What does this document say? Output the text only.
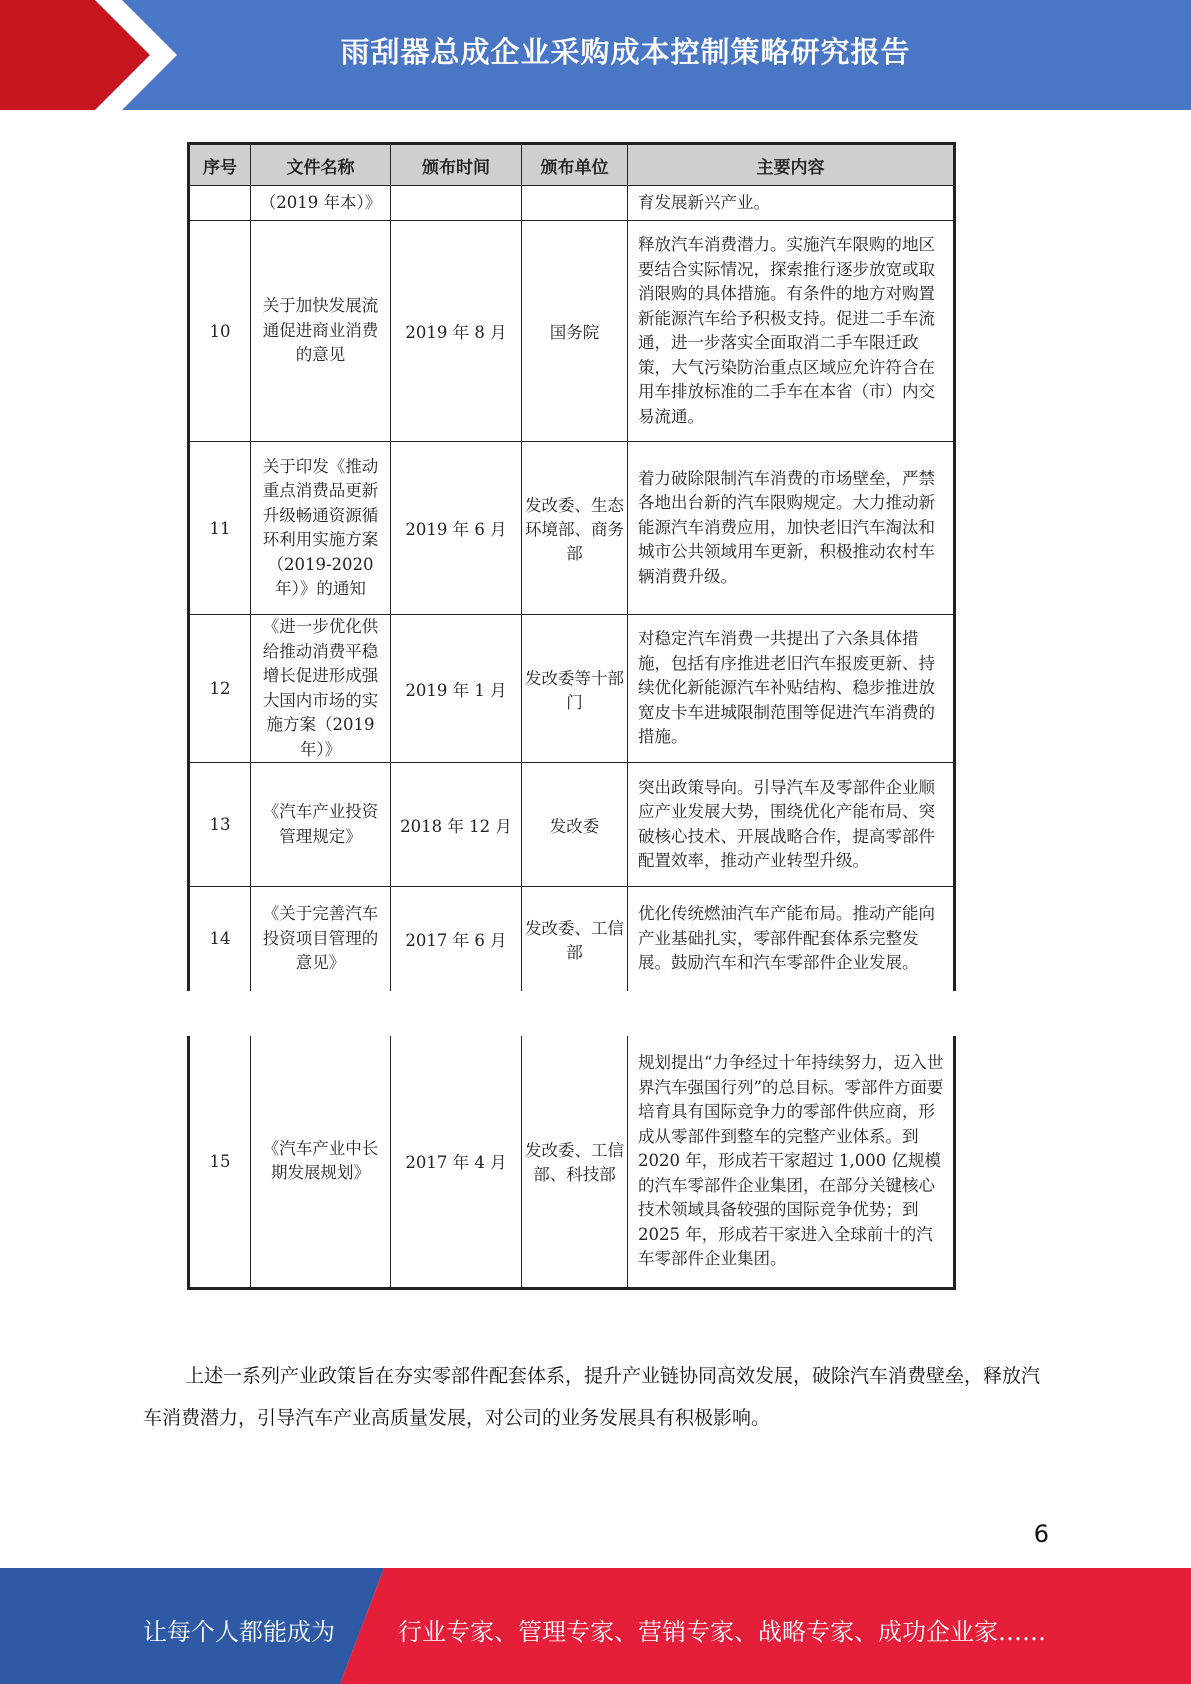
雨刮器总成企业采购成本控制策略研究报告
序号	文件名称	颁布时间	颁布单位	主要内容
	（2019 年本）》			育发展新兴产业。
10	关于加快发展流通促进商业消费的意见	2019 年 8 月	国务院	释放汽车消费潜力。实施汽车限购的地区要结合实际情况，探索推行逐步放宽或取消限购的具体措施。有条件的地方对购置新能源汽车给予积极支持。促进二手车流通，进一步落实全面取消二手车限迁政策，大气污染防治重点区域应允许符合在用车排放标准的二手车在本省（市）内交易流通。
11	关于印发《推动重点消费品更新升级畅通资源循环利用实施方案（2019-2020年）》的通知	2019 年 6 月	发改委、生态环境部、商务部	着力破除限制汽车消费的市场壁垒，严禁各地出台新的汽车限购规定。大力推动新能源汽车消费应用，加快老旧汽车淘汰和城市公共领域用车更新，积极推动农村车辆消费升级。
12	《进一步优化供给推动消费平稳增长促进形成强大国内市场的实施方案（2019年）》	2019 年 1 月	发改委等十部门	对稳定汽车消费一共提出了六条具体措施，包括有序推进老旧汽车报废更新、持续优化新能源汽车补贴结构、稳步推进放宽皮卡车进城限制范围等促进汽车消费的措施。
13	《汽车产业投资管理规定》	2018 年 12 月	发改委	突出政策导向。引导汽车及零部件企业顺应产业发展大势，围绕优化产能布局、突破核心技术、开展战略合作，提高零部件配置效率，推动产业转型升级。
14	《关于完善汽车投资项目管理的意见》	2017 年 6 月	发改委、工信部	优化传统燃油汽车产能布局。推动产能向产业基础扎实，零部件配套体系完整发展。鼓励汽车和汽车零部件企业发展。
15	《汽车产业中长期发展规划》	2017 年 4 月	发改委、工信部、科技部	规划提出“力争经过十年持续努力，迈入世界汽车强国行列”的总目标。零部件方面要培育具有国际竞争力的零部件供应商，形成从零部件到整车的完整产业体系。到 2020 年，形成若干家超过 1,000 亿规模的汽车零部件企业集团，在部分关键核心技术领域具备较强的国际竞争优势；到 2025 年，形成若干家进入全球前十的汽车零部件企业集团。

上述一系列产业政策旨在夯实零部件配套体系，提升产业链协同高效发展，破除汽车消费壁垒，释放汽车消费潜力，引导汽车产业高质量发展，对公司的业务发展具有积极影响。

6
让每个人都能成为	行业专家、管理专家、营销专家、战略专家、成功企业家……
